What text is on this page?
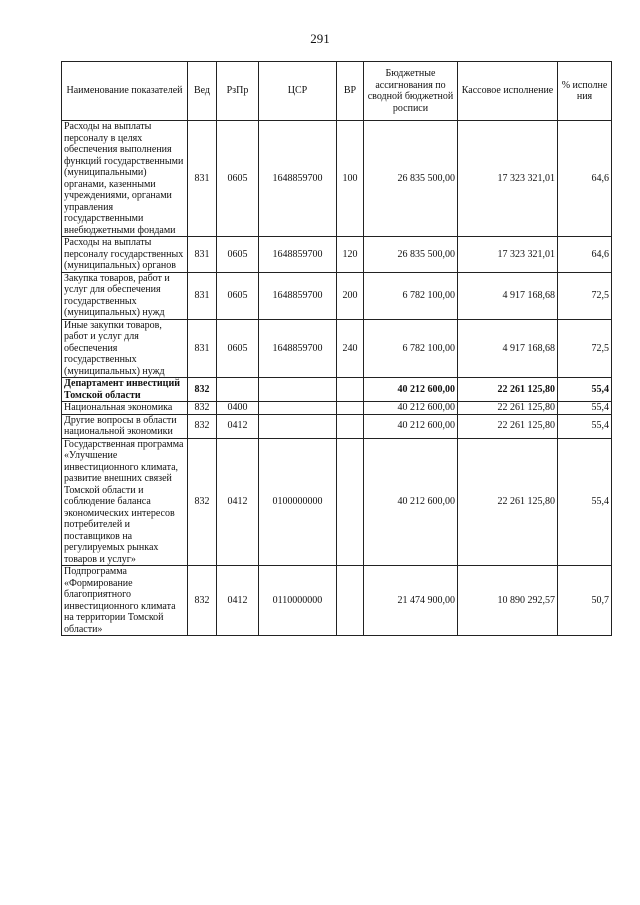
291
Наименование показателей	Вед	РзПр	ЦСР	ВР	Бюджетные ассигнования по сводной бюджетной росписи	Кассовое исполнение	% исполне ния
Расходы на выплаты персоналу в целях обеспечения выполнения функций государственными (муниципальными) органами, казенными учреждениями, органами управления государственными внебюджетными фондами	831	0605	1648859700	100	26 835 500,00	17 323 321,01	64,6
Расходы на выплаты персоналу государственных (муниципальных) органов	831	0605	1648859700	120	26 835 500,00	17 323 321,01	64,6
Закупка товаров, работ и услуг для обеспечения государственных (муниципальных) нужд	831	0605	1648859700	200	6 782 100,00	4 917 168,68	72,5
Иные закупки товаров, работ и услуг для обеспечения государственных (муниципальных) нужд	831	0605	1648859700	240	6 782 100,00	4 917 168,68	72,5
Департамент инвестиций Томской области	832				40 212 600,00	22 261 125,80	55,4
Национальная экономика	832	0400			40 212 600,00	22 261 125,80	55,4
Другие вопросы в области национальной экономики	832	0412			40 212 600,00	22 261 125,80	55,4
Государственная программа «Улучшение инвестиционного климата, развитие внешних связей Томской области и соблюдение баланса экономических интересов потребителей и поставщиков на регулируемых рынках товаров и услуг»	832	0412	0100000000		40 212 600,00	22 261 125,80	55,4
Подпрограмма «Формирование благоприятного инвестиционного климата на территории Томской области»	832	0412	0110000000		21 474 900,00	10 890 292,57	50,7
